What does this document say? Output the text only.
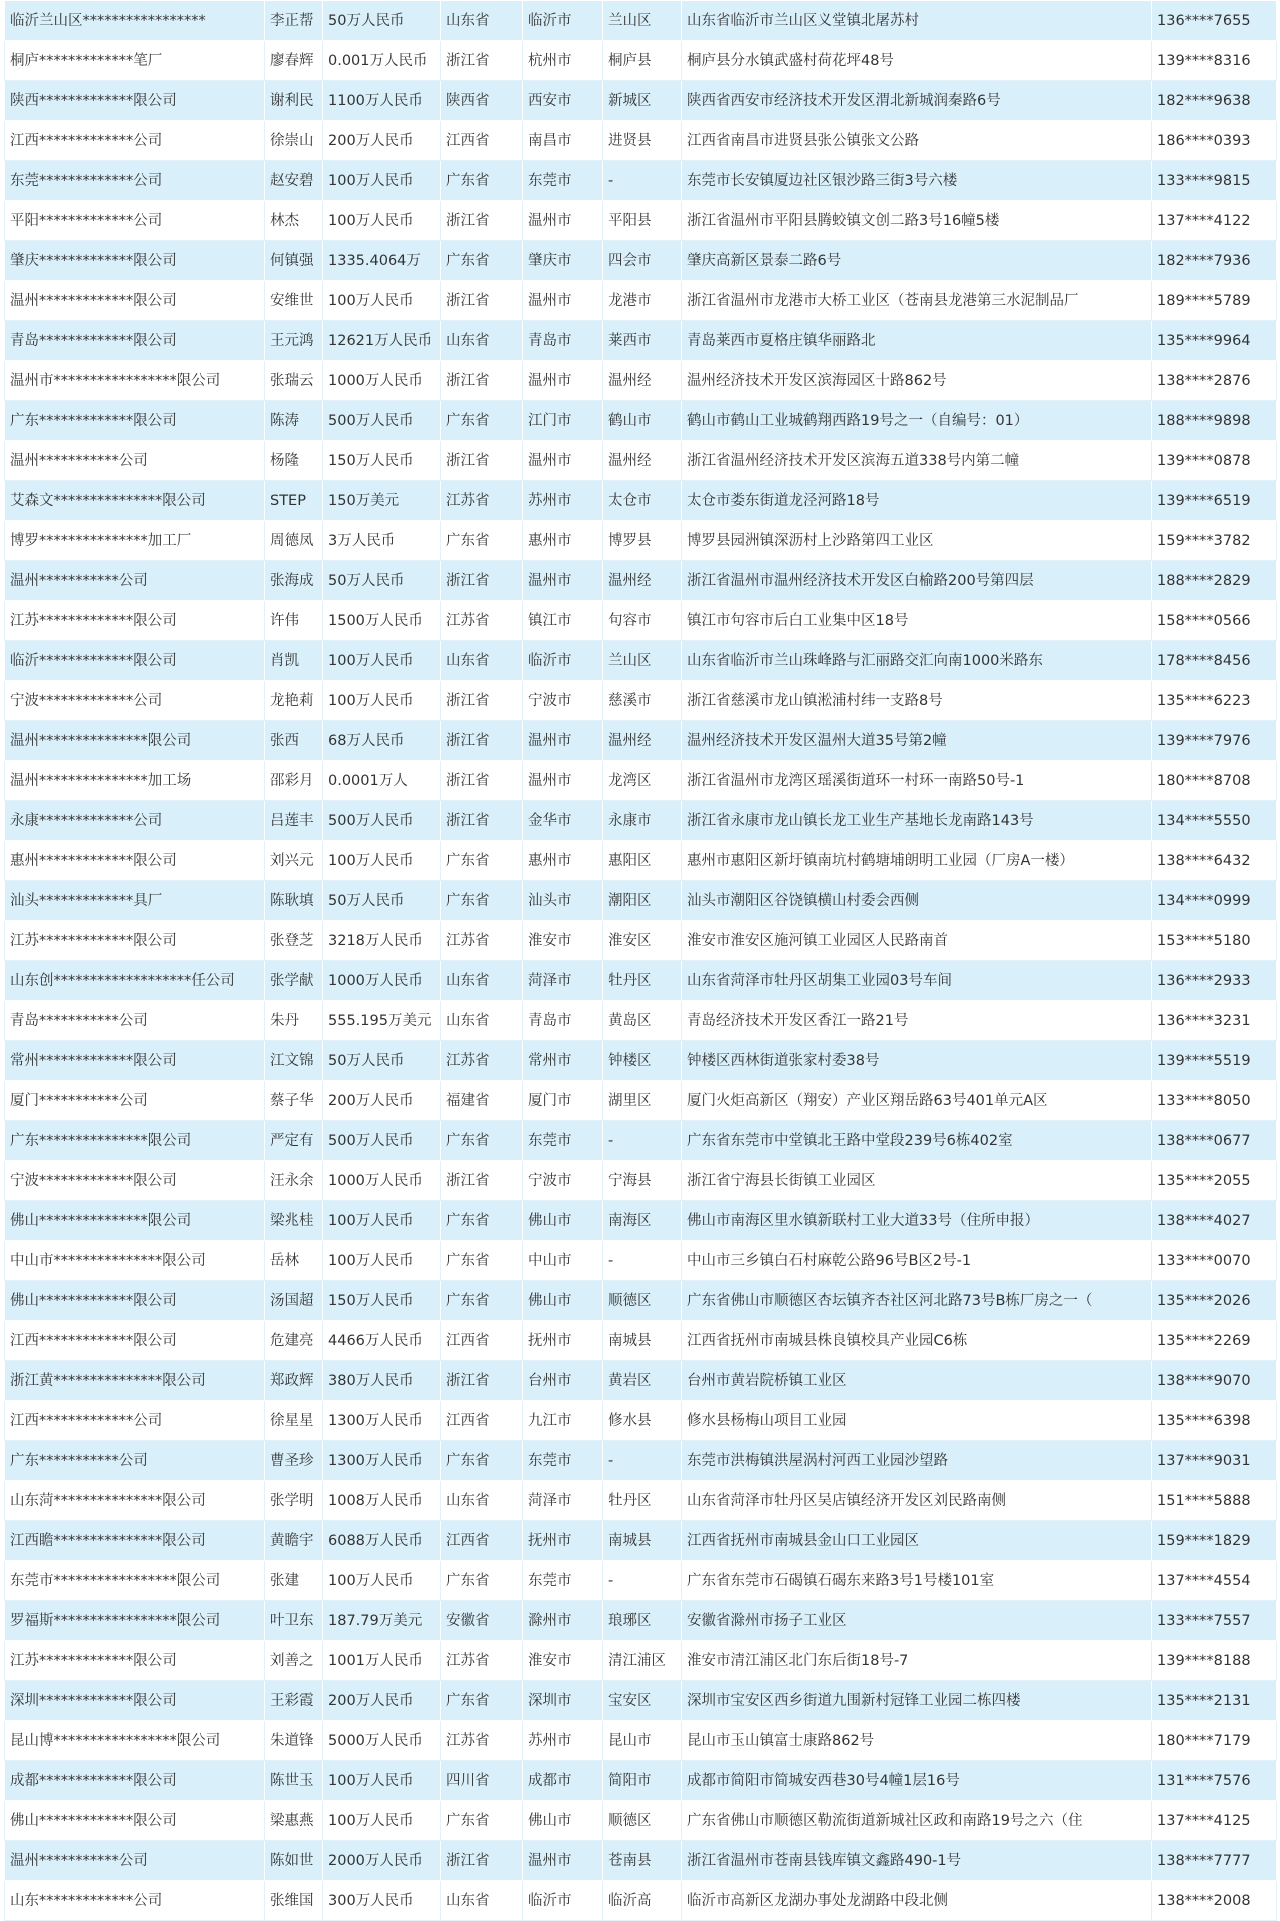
临沂兰山区*****************	李正帮	50万人民币	山东省	临沂市	兰山区	山东省临沂市兰山区义堂镇北屠苏村	136****7655
桐庐*************笔厂	廖春辉	0.001万人民币	浙江省	杭州市	桐庐县	桐庐县分水镇武盛村荷花坪48号	139****8316
陕西*************限公司	谢利民	1100万人民币	陕西省	西安市	新城区	陕西省西安市经济技术开发区渭北新城润秦路6号	182****9638
江西*************公司	徐崇山	200万人民币	江西省	南昌市	进贤县	江西省南昌市进贤县张公镇张文公路	186****0393
东莞*************公司	赵安碧	100万人民币	广东省	东莞市	-	东莞市长安镇厦边社区银沙路三街3号六楼	133****9815
平阳*************公司	林杰	100万人民币	浙江省	温州市	平阳县	浙江省温州市平阳县腾蛟镇文创二路3号16幢5楼	137****4122
肇庆*************限公司	何镇强	1335.4064万	广东省	肇庆市	四会市	肇庆高新区景泰二路6号	182****7936
温州*************限公司	安维世	100万人民币	浙江省	温州市	龙港市	浙江省温州市龙港市大桥工业区（苍南县龙港第三水泥制品厂	189****5789
青岛*************限公司	王元鸿	12621万人民币	山东省	青岛市	莱西市	青岛莱西市夏格庄镇华丽路北	135****9964
温州市*****************限公司	张瑞云	1000万人民币	浙江省	温州市	温州经	温州经济技术开发区滨海园区十路862号	138****2876
广东*************限公司	陈涛	500万人民币	广东省	江门市	鹤山市	鹤山市鹤山工业城鹤翔西路19号之一（自编号：01）	188****9898
温州***********公司	杨隆	150万人民币	浙江省	温州市	温州经	浙江省温州经济技术开发区滨海五道338号内第二幢	139****0878
艾森文***************限公司	STEP	150万美元	江苏省	苏州市	太仓市	太仓市娄东街道龙泾河路18号	139****6519
博罗***************加工厂	周德凤	3万人民币	广东省	惠州市	博罗县	博罗县园洲镇深沥村上沙路第四工业区	159****3782
温州***********公司	张海成	50万人民币	浙江省	温州市	温州经	浙江省温州市温州经济技术开发区白榆路200号第四层	188****2829
江苏*************限公司	许伟	1500万人民币	江苏省	镇江市	句容市	镇江市句容市后白工业集中区18号	158****0566
临沂*************限公司	肖凯	100万人民币	山东省	临沂市	兰山区	山东省临沂市兰山珠峰路与汇丽路交汇向南1000米路东	178****8456
宁波*************公司	龙艳莉	100万人民币	浙江省	宁波市	慈溪市	浙江省慈溪市龙山镇淞浦村纬一支路8号	135****6223
温州***************限公司	张西	68万人民币	浙江省	温州市	温州经	温州经济技术开发区温州大道35号第2幢	139****7976
温州***************加工场	邵彩月	0.0001万人	浙江省	温州市	龙湾区	浙江省温州市龙湾区瑶溪街道环一村环一南路50号-1	180****8708
永康*************公司	吕莲丰	500万人民币	浙江省	金华市	永康市	浙江省永康市龙山镇长龙工业生产基地长龙南路143号	134****5550
惠州*************限公司	刘兴元	100万人民币	广东省	惠州市	惠阳区	惠州市惠阳区新圩镇南坑村鹤塘埔朗明工业园（厂房A一楼）	138****6432
汕头*************具厂	陈耿填	50万人民币	广东省	汕头市	潮阳区	汕头市潮阳区谷饶镇横山村委会西侧	134****0999
江苏*************限公司	张登芝	3218万人民币	江苏省	淮安市	淮安区	淮安市淮安区施河镇工业园区人民路南首	153****5180
山东创*******************任公司	张学献	1000万人民币	山东省	菏泽市	牡丹区	山东省菏泽市牡丹区胡集工业园03号车间	136****2933
青岛***********公司	朱丹	555.195万美元	山东省	青岛市	黄岛区	青岛经济技术开发区香江一路21号	136****3231
常州*************限公司	江文锦	50万人民币	江苏省	常州市	钟楼区	钟楼区西林街道张家村委38号	139****5519
厦门***********公司	蔡子华	200万人民币	福建省	厦门市	湖里区	厦门火炬高新区（翔安）产业区翔岳路63号401单元A区	133****8050
广东***************限公司	严定有	500万人民币	广东省	东莞市	-	广东省东莞市中堂镇北王路中堂段239号6栋402室	138****0677
宁波*************限公司	汪永余	1000万人民币	浙江省	宁波市	宁海县	浙江省宁海县长街镇工业园区	135****2055
佛山***************限公司	梁兆桂	100万人民币	广东省	佛山市	南海区	佛山市南海区里水镇新联村工业大道33号（住所申报）	138****4027
中山市***************限公司	岳林	100万人民币	广东省	中山市	-	中山市三乡镇白石村麻乾公路96号B区2号-1	133****0070
佛山*************限公司	汤国超	150万人民币	广东省	佛山市	顺德区	广东省佛山市顺德区杏坛镇齐杏社区河北路73号B栋厂房之一（	135****2026
江西*************限公司	危建亮	4466万人民币	江西省	抚州市	南城县	江西省抚州市南城县株良镇校具产业园C6栋	135****2269
浙江黄***************限公司	郑政辉	380万人民币	浙江省	台州市	黄岩区	台州市黄岩院桥镇工业区	138****9070
江西*************公司	徐星星	1300万人民币	江西省	九江市	修水县	修水县杨梅山项目工业园	135****6398
广东***********公司	曹圣珍	1300万人民币	广东省	东莞市	-	东莞市洪梅镇洪屋涡村河西工业园沙望路	137****9031
山东菏***************限公司	张学明	1008万人民币	山东省	菏泽市	牡丹区	山东省菏泽市牡丹区吴店镇经济开发区刘民路南侧	151****5888
江西瞻***************限公司	黄瞻宇	6088万人民币	江西省	抚州市	南城县	江西省抚州市南城县金山口工业园区	159****1829
东莞市*****************限公司	张建	100万人民币	广东省	东莞市	-	广东省东莞市石碣镇石碣东来路3号1号楼101室	137****4554
罗福斯*****************限公司	叶卫东	187.79万美元	安徽省	滁州市	琅琊区	安徽省滁州市扬子工业区	133****7557
江苏*************限公司	刘善之	1001万人民币	江苏省	淮安市	清江浦区	淮安市清江浦区北门东后街18号-7	139****8188
深圳*************限公司	王彩霞	200万人民币	广东省	深圳市	宝安区	深圳市宝安区西乡街道九围新村冠锋工业园二栋四楼	135****2131
昆山博*****************限公司	朱道锋	5000万人民币	江苏省	苏州市	昆山市	昆山市玉山镇富士康路862号	180****7179
成都*************限公司	陈世玉	100万人民币	四川省	成都市	简阳市	成都市简阳市简城安西巷30号4幢1层16号	131****7576
佛山*************限公司	梁惠燕	100万人民币	广东省	佛山市	顺德区	广东省佛山市顺德区勒流街道新城社区政和南路19号之六（住	137****4125
温州***********公司	陈如世	2000万人民币	浙江省	温州市	苍南县	浙江省温州市苍南县钱库镇文鑫路490-1号	138****7777
山东*************公司	张维国	300万人民币	山东省	临沂市	临沂高	临沂市高新区龙湖办事处龙湖路中段北侧	138****2008
